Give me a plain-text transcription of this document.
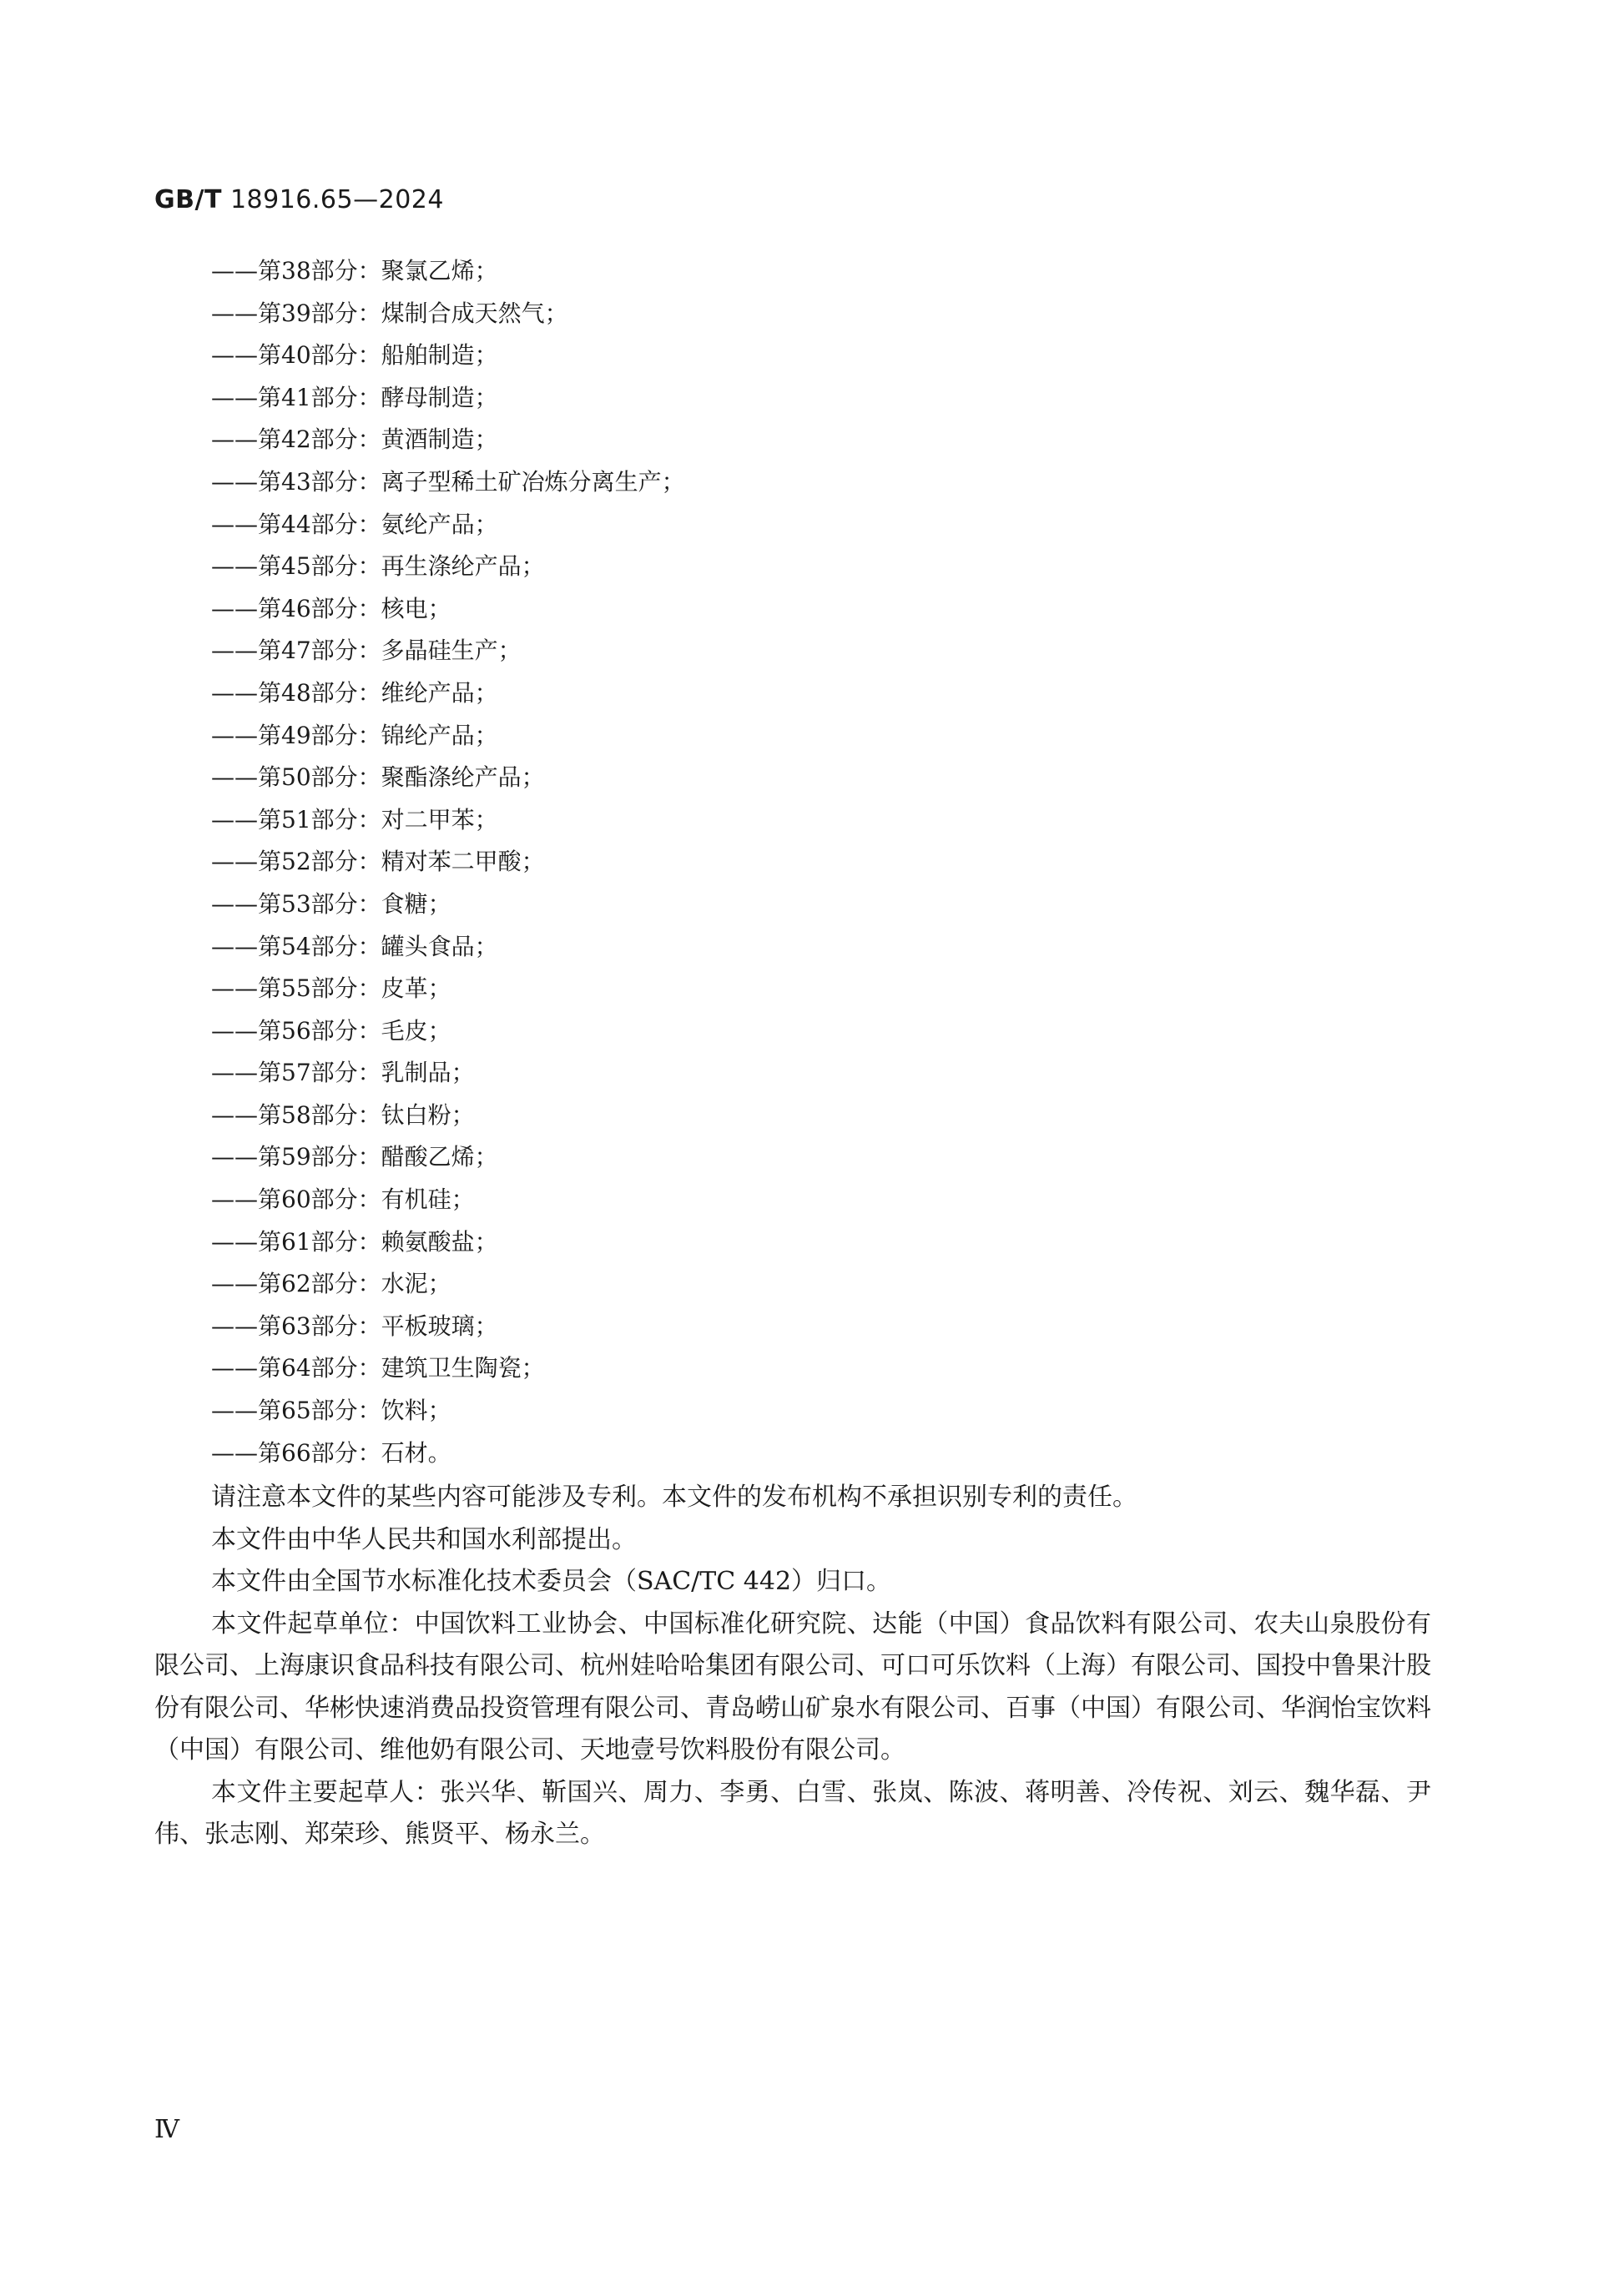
GB/T 18916.65—2024
——第38部分：聚氯乙烯；
——第39部分：煤制合成天然气；
——第40部分：船舶制造；
——第41部分：酵母制造；
——第42部分：黄酒制造；
——第43部分：离子型稀土矿冶炼分离生产；
——第44部分：氨纶产品；
——第45部分：再生涤纶产品；
——第46部分：核电；
——第47部分：多晶硅生产；
——第48部分：维纶产品；
——第49部分：锦纶产品；
——第50部分：聚酯涤纶产品；
——第51部分：对二甲苯；
——第52部分：精对苯二甲酸；
——第53部分：食糖；
——第54部分：罐头食品；
——第55部分：皮革；
——第56部分：毛皮；
——第57部分：乳制品；
——第58部分：钛白粉；
——第59部分：醋酸乙烯；
——第60部分：有机硅；
——第61部分：赖氨酸盐；
——第62部分：水泥；
——第63部分：平板玻璃；
——第64部分：建筑卫生陶瓷；
——第65部分：饮料；
——第66部分：石材。

请注意本文件的某些内容可能涉及专利。本文件的发布机构不承担识别专利的责任。

本文件由中华人民共和国水利部提出。

本文件由全国节水标准化技术委员会（SAC/TC 442）归口。

本文件起草单位：中国饮料工业协会、中国标准化研究院、达能（中国）食品饮料有限公司、农夫山泉股份有限公司、上海康识食品科技有限公司、杭州娃哈哈集团有限公司、可口可乐饮料（上海）有限公司、国投中鲁果汁股份有限公司、华彬快速消费品投资管理有限公司、青岛崂山矿泉水有限公司、百事（中国）有限公司、华润怡宝饮料（中国）有限公司、维他奶有限公司、天地壹号饮料股份有限公司。

本文件主要起草人：张兴华、靳国兴、周力、李勇、白雪、张岚、陈波、蒋明善、冷传祝、刘云、魏华磊、尹伟、张志刚、郑荣珍、熊贤平、杨永兰。

Ⅳ
